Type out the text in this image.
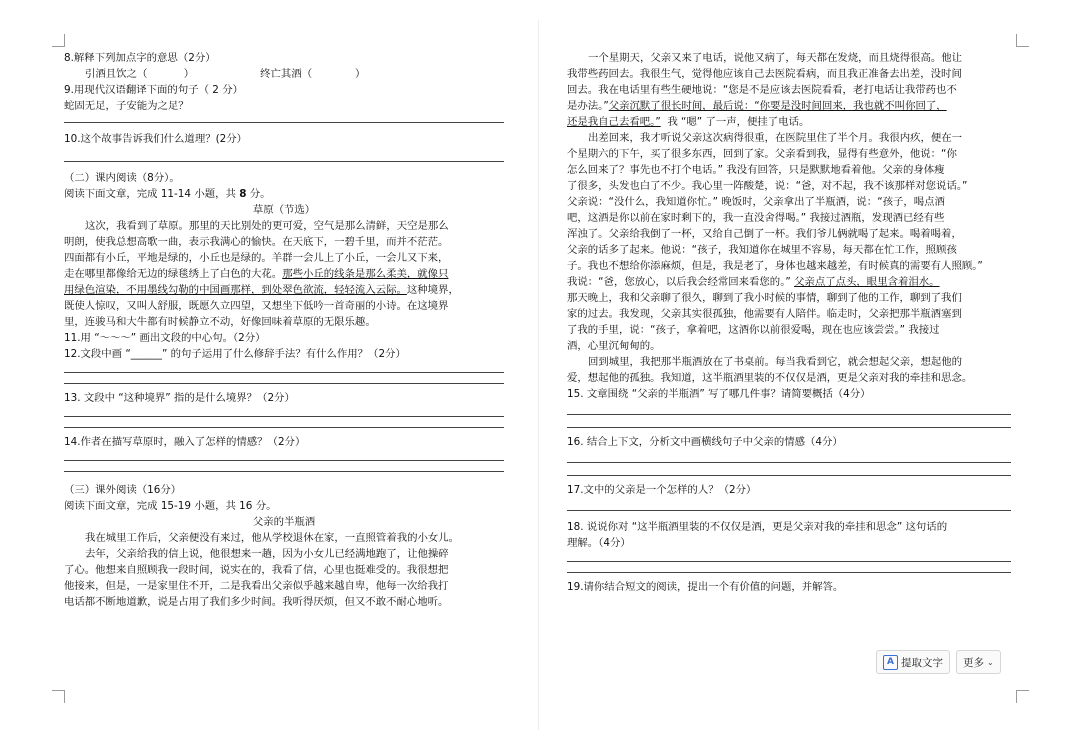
8.解释下列加点字的意思（2分）
引酒且饮之（
	）
	终亡其酒（
	）
9.用现代汉语翻译下面的句子（ 2 分）
蛇固无足，子安能为之足？
10.这个故事告诉我们什么道理？(2分）
（二）课内阅读（8分）。
阅读下面文章，完成 11-14 小题，共 8 分。
草原（节选）
这次，我看到了草原。那里的天比别处的更可爱，空气是那么清鲜，天空是那么
明朗，使我总想高歌一曲，表示我满心的愉快。在天底下，一碧千里，而并不茫茫。
四面都有小丘，平地是绿的，小丘也是绿的。羊群一会儿上了小丘，一会儿又下来，
走在哪里都像给无边的绿毯绣上了白色的大花。 那些小丘的线条是那么柔美，就像只
用绿色渲染，不用墨线勾勒的中国画那样，到处翠色欲流，轻轻流入云际。 这种境界，
既使人惊叹，又叫人舒服，既愿久立四望，又想坐下低吟一首奇丽的小诗。在这境界
里，连骏马和大牛都有时候静立不动，好像回味着草原的无限乐趣。
11.用 “～～～” 画出文段的中心句。（2分）
12.文段中画 “______” 的句子运用了什么修辞手法？有什么作用？（2分）
13. 文段中 “这种境界” 指的是什么境界？（2分）
14.作者在描写草原时，融入了怎样的情感？（2分）
（三）课外阅读（16分）
阅读下面文章，完成 15-19 小题，共 16 分。
父亲的半瓶酒
我在城里工作后，父亲便没有来过，他从学校退休在家，一直照管着我的小女儿。
去年，父亲给我的信上说，他很想来一趟，因为小女儿已经满地跑了，让他操碎
了心。他想来自照顾我一段时间，说实在的，我看了信，心里也挺难受的。我很想把
他接来，但是，一是家里住不开，二是我看出父亲似乎越来越自卑，他每一次给我打
电话都不断地道歉，说是占用了我们多少时间。我听得厌烦，但又不敢不耐心地听。
一个星期天，父亲又来了电话，说他又病了，每天都在发烧，而且烧得很高。他让
我带些药回去。我很生气，觉得他应该自己去医院看病，而且我正准备去出差，没时间
回去。我在电话里有些生硬地说：“您是不是应该去医院看看，老打电话让我带药也不
是办法。” 父亲沉默了很长时间，最后说：“你要是没时间回来，我也就不叫你回了，
还是我自己去看吧。”
我 “嗯” 了一声，便挂了电话。
出差回来，我才听说父亲这次病得很重，在医院里住了半个月。我很内疚，便在一
个星期六的下午，买了很多东西，回到了家。父亲看到我，显得有些意外，他说：“你
怎么回来了？事先也不打个电话。” 我没有回答，只是默默地看着他。父亲的身体瘦
了很多，头发也白了不少。我心里一阵酸楚，说：“爸，对不起，我不该那样对您说话。”
父亲说：“没什么，我知道你忙。” 晚饭时，父亲拿出了半瓶酒，说：“孩子，喝点酒
吧，这酒是你以前在家时剩下的，我一直没舍得喝。” 我接过酒瓶，发现酒已经有些
浑浊了。父亲给我倒了一杯，又给自己倒了一杯。我们爷儿俩就喝了起来。喝着喝着，
父亲的话多了起来。他说：“孩子，我知道你在城里不容易，每天都在忙工作，照顾孩
子。我也不想给你添麻烦，但是，我是老了，身体也越来越差，有时候真的需要有人照顾。”
我说：“爸，您放心，以后我会经常回来看您的。” 父亲点了点头，眼里含着泪水。
那天晚上，我和父亲聊了很久，聊到了我小时候的事情，聊到了他的工作，聊到了我们
家的过去。我发现，父亲其实很孤独，他需要有人陪伴。临走时，父亲把那半瓶酒塞到
了我的手里，说：“孩子，拿着吧，这酒你以前很爱喝，现在也应该尝尝。” 我接过
酒，心里沉甸甸的。
回到城里，我把那半瓶酒放在了书桌前。每当我看到它，就会想起父亲，想起他的
爱，想起他的孤独。我知道，这半瓶酒里装的不仅仅是酒，更是父亲对我的牵挂和思念。
15. 文章围绕 “父亲的半瓶酒” 写了哪几件事？请简要概括（4分）
16. 结合上下文，分析文中画横线句子中父亲的情感（4分）
17.文中的父亲是一个怎样的人？（2分）
18. 说说你对 “这半瓶酒里装的不仅仅是酒，更是父亲对我的牵挂和思念” 这句话的
理解。（4分）
19.请你结合短文的阅读，提出一个有价值的问题，并解答。
A 提取文字 更多 ⌄
